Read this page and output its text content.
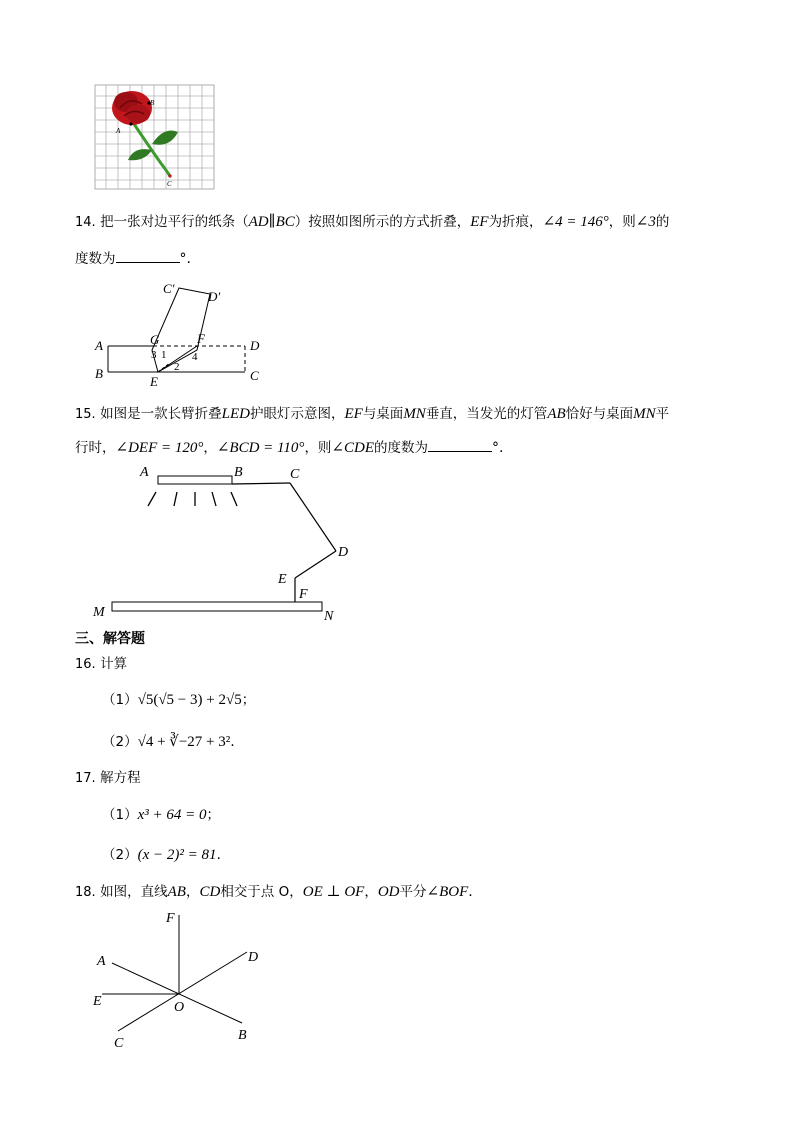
A
B
C
14. 把一张对边平行的纸条（AD∥BC）按照如图所示的方式折叠，EF为折痕，∠4 = 146°，则∠3的
度数为	°.
C′
D′
A
B
D
C
G	F
E
1
2
3	4
15. 如图是一款长臂折叠LED护眼灯示意图，EF与桌面MN垂直，当发光的灯管AB恰好与桌面MN平
行时，∠DEF = 120°，∠BCD = 110°，则∠CDE的度数为	°.
A	B	C
D
E
F
M	N
三、解答题
16. 计算
（1）√5(√5 − 3) + 2√5；
（2）√4 + ∛−27 + 3².
17. 解方程
（1）x³ + 64 = 0；
（2）(x − 2)² = 81.
18. 如图，直线AB，CD相交于点 O，OE ⊥ OF，OD平分∠BOF.
F
A	D
E	O
C
B
